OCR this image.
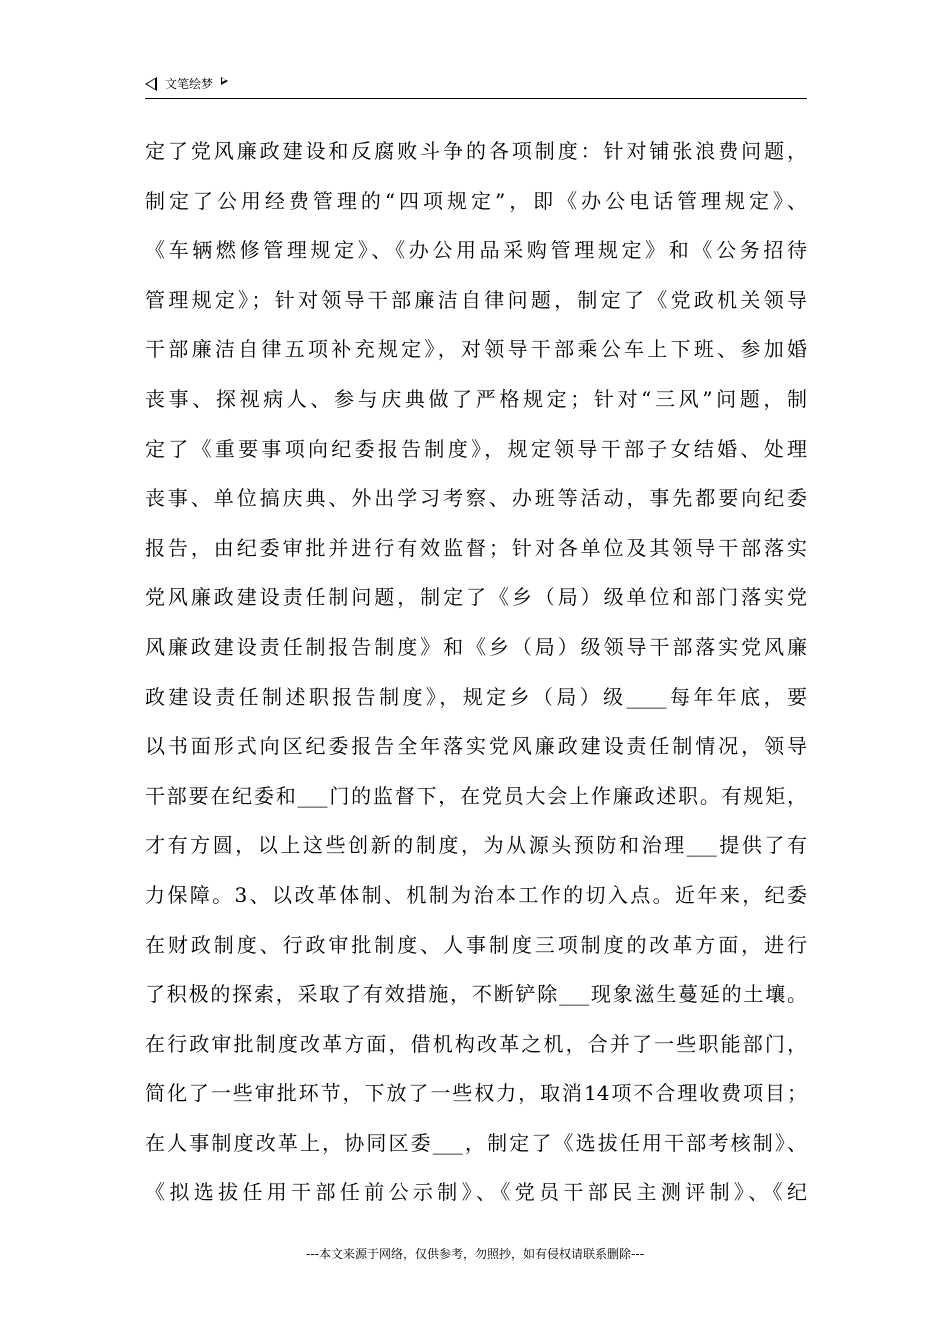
文笔绘梦
定了党风廉政建设和反腐败斗争的各项制度：针对铺张浪费问题，
制定了公用经费管理的“四项规定”，即《办公电话管理规定》、
《车辆燃修管理规定》、《办公用品采购管理规定》和《公务招待
管理规定》；针对领导干部廉洁自律问题，制定了《党政机关领导
干部廉洁自律五项补充规定》，对领导干部乘公车上下班、参加婚
丧事、探视病人、参与庆典做了严格规定；针对“三风”问题，制
定了《重要事项向纪委报告制度》，规定领导干部子女结婚、处理
丧事、单位搞庆典、外出学习考察、办班等活动，事先都要向纪委
报告，由纪委审批并进行有效监督；针对各单位及其领导干部落实
党风廉政建设责任制问题，制定了《乡（局）级单位和部门落实党
风廉政建设责任制报告制度》和《乡（局）级领导干部落实党风廉
政建设责任制述职报告制度》，规定乡（局）级____每年年底，要
以书面形式向区纪委报告全年落实党风廉政建设责任制情况，领导
干部要在纪委和___门的监督下，在党员大会上作廉政述职。有规矩，
才有方圆，以上这些创新的制度，为从源头预防和治理___提供了有
力保障。3、以改革体制、机制为治本工作的切入点。近年来，纪委
在财政制度、行政审批制度、人事制度三项制度的改革方面，进行
了积极的探索，采取了有效措施，不断铲除___现象滋生蔓延的土壤。
在行政审批制度改革方面，借机构改革之机，合并了一些职能部门，
简化了一些审批环节，下放了一些权力，取消14项不合理收费项目；
在人事制度改革上，协同区委___，制定了《选拔任用干部考核制》、
《拟选拔任用干部任前公示制》、《党员干部民主测评制》、《纪
---本文来源于网络，仅供参考，勿照抄，如有侵权请联系删除---
